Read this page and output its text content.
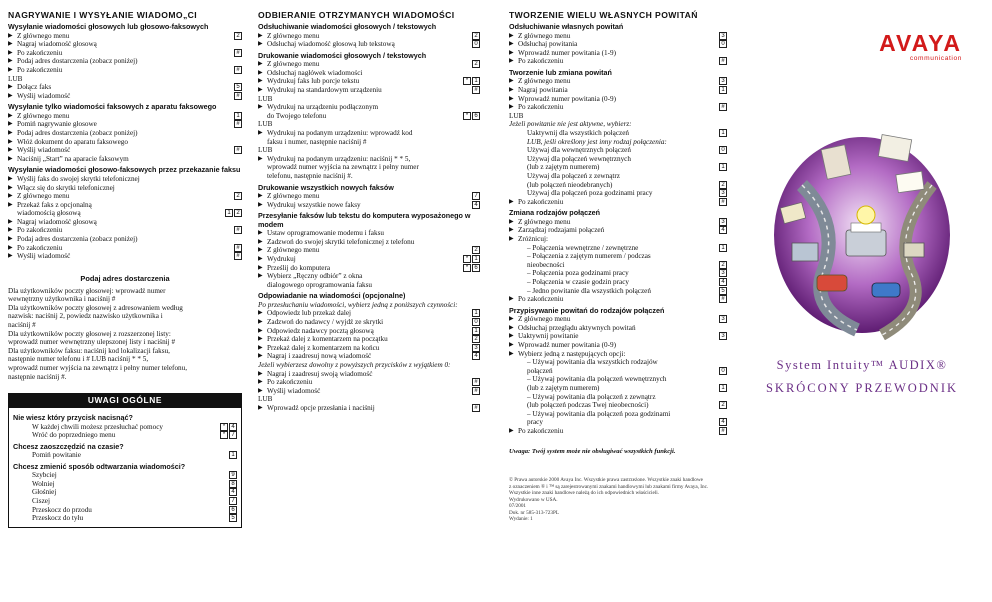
NAGRYWANIE I WYSYŁANIE WIADOMO„CI
Wysyłanie wiadomości głosowych lub głosowo-faksowych
▶ Z głównego menu	2
▶ Nagraj wiadomość głosową
▶ Po zakończeniu	#
▶ Podaj adres dostarczenia (zobacz poniżej)
▶ Po zakończeniu	#
LUB
▶ Dołącz faks	5
▶ Wyślij wiadomość	#
Wysyłanie tylko wiadomości faksowych z aparatu faksowego
▶ Z głównego menu	1
▶ Pomiń nagrywanie głosowe	#
▶ Podaj adres dostarczenia (zobacz poniżej)
▶ Włóż dokument do aparatu faksowego
▶ Wyślij wiadomość	#
▶ Naciśnij „Start” na aparacie faksowym
Wysyłanie wiadomości głosowo-faksowych przez przekazanie faksu
▶ Wyślij faks do swojej skrytki telefonicznej
▶ Włącz się do skrytki telefonicznej
▶ Z głównego menu	2
▶ Przekaż faks z opcjonalną
wiadomością głosową	1 2
▶ Nagraj wiadomość głosową
▶ Po zakończeniu	#
▶ Podaj adres dostarczenia (zobacz poniżej)
▶ Po zakończeniu	#
▶ Wyślij wiadomość	#
Podaj adres dostarczenia
Dla użytkowników poczty głosowej: wprowadź numer
wewnętrzny użytkownika i naciśnij #
Dla użytkowników poczty głosowej z adresowaniem według
nazwisk: naciśnij 2, powiedz nazwisko użytkownika i
naciśnij #
Dla użytkowników poczty głosowej z rozszerzonej listy:
wprowadź numer wewnętrzny ulepszonej listy i naciśnij #
Dla użytkowników faksu: naciśnij kod lokalizacji faksu,
następnie numer telefonu i # LUB naciśnij * * 5,
wprowadź numer wyjścia na zewnątrz i pełny numer telefonu,
następnie naciśnij #.
UWAGI OGÓLNE
Nie wiesz który przycisk nacisnąć?
W każdej chwili możesz przesłuchać pomocy	*	4
Wróć do poprzedniego menu	*	7
Chcesz zaoszczędzić na czasie?
Pomiń powitanie	1
Chcesz zmienić sposób odtwarzania wiadomości?
Szybciej	9
Wolniej	8
Głośniej	4
Ciszej	7
Przeskocz do przodu	6
Przeskocz do tyłu	5
ODBIERANIE OTRZYMANYCH WIADOMOŚCI
Odsłuchiwanie wiadomości głosowych / tekstowych
▶ Z głównego menu	2
▶ Odsłuchaj wiadomość głosową lub tekstową	0
Drukowanie wiadomości głosowych / tekstowych
▶ Z głównego menu	2
▶ Odsłuchaj nagłówek wiadomości
▶ Wydrukuj faks lub porcje tekstu	*	1
▶ Wydrukuj na standardowym urządzeniu	#
LUB
▶ Wydrukuj na urządzeniu podłączonym
do Twojego telefonu	*	6
LUB
▶ Wydrukuj na podanym urządzeniu: wprowadź kod
faksu i numer, następnie naciśnij #
LUB
▶ Wydrukuj na podanym urządzeniu: naciśnij * * 5,
wprowadź numer wyjścia na zewnątrz i pełny numer
telefonu, następnie naciśnij #.
Drukowanie wszystkich nowych faksów
▶ Z głównego menu	7
▶ Wydrukuj wszystkie nowe faksy	4
Przesyłanie faksów lub tekstu do komputera wyposażonego w modem
▶ Ustaw oprogramowanie modemu i faksu
▶ Zadzwoń do swojej skrytki telefonicznej z telefonu
▶ Z głównego menu	2
▶ Wydrukuj	*	1
▶ Prześlij do komputera	*	6
▶ Wybierz „Ręczny odbiór” z okna
dialogowego oprogramowania faksu
Odpowiadanie na wiadomości (opcjonalne)
Po przesłuchaniu wiadomości, wybierz jedną z poniższych czynności:
▶ Odpowiedz lub przekaż dalej	1
▶ Zadzwoń do nadawcy / wyjdź ze skrytki	0
▶ Odpowiedz nadawcy pocztą głosową	1
▶ Przekaż dalej z komentarzem na początku	2
▶ Przekaż dalej z komentarzem na końcu	3
▶ Nagraj i zaadresuj nową wiadomość	4
Jeżeli wybierzesz dowolny z powyższych przycisków z wyjątkiem 0:
▶ Nagraj i zaadresuj swoją wiadomość
▶ Po zakończeniu	#
▶ Wyślij wiadomość	#
LUB
▶ Wprowadź opcje przesłania i naciśnij	#
TWORZENIE WIELU WŁASNYCH POWITAŃ
Odsłuchiwanie własnych powitań
▶ Z głównego menu	3
▶ Odsłuchaj powitania	0
▶ Wprowadź numer powitania (1-9)
▶ Po zakończeniu	#
Tworzenie lub zmiana powitań
▶ Z głównego menu	3
▶ Nagraj powitania	1
▶ Wprowadź numer powitania (0-9)
▶ Po zakończeniu	#
LUB
Jeżeli powitanie nie jest aktywne, wybierz:
Uaktywnij dla wszystkich połączeń	1
LUB, jeśli określony jest inny rodzaj połączenia:
Używaj dla wewnętrznych połączeń	0
Używaj dla połączeń wewnętrznych
(lub z zajętym numerem)	1
Używaj dla połączeń z zewnątrz
(lub połączeń nieodebranych)	2
Używaj dla połączeń poza godzinami pracy	3
▶ Po zakończeniu	#
Zmiana rodzajów połączeń
▶ Z głównego menu	3
▶ Zarządzaj rodzajami połączeń	4
▶ Zróżnicuj:
– Połączenia wewnętrzne / zewnętrzne	1
– Połączenia z zajętym numerem / podczas
nieobecności	2
– Połączenia poza godzinami pracy	3
– Połączenia w czasie godzin pracy	4
– Jedno powitanie dla wszystkich połączeń	5
▶ Po zakończeniu	#
Przypisywanie powitań do rodzajów połączeń
▶ Z głównego menu	3
▶ Odsłuchaj przeglądu aktywnych powitań
▶ Uaktywnij powitanie	3
▶ Wprowadź numer powitania (0-9)
▶ Wybierz jedną z następujących opcji:
– Używaj powitania dla wszystkich rodzajów
połączeń	0
– Używaj powitania dla połączeń wewnętrznych
(lub z zajętym numerem)	1
– Używaj powitania dla połączeń z zewnątrz
(lub połączeń podczas Twej nieobecności)	2
– Używaj powitania dla połączeń poza godzinami
pracy	4
▶ Po zakończeniu	#
Uwaga: Twój system może nie obsługiwać wszystkich funkcji.
© Prawa autorskie 2000 Avaya Inc. Wszystkie prawa zastrzeżone. Wszystkie znaki handlowe
z oznaczeniem ® i ™ są zarejestrowanymi znakami handlowymi lub znakami firmy Avaya, Inc.
Wszystkie inne znaki handlowe należą do ich odpowiednich właścicieli.
Wydrukowano w USA.
07/2001
Dok. nr 585-313-723PL
Wydanie: 1
AVAYA
communication
System Intuity™ AUDIX®
SKRÓCONY PRZEWODNIK
